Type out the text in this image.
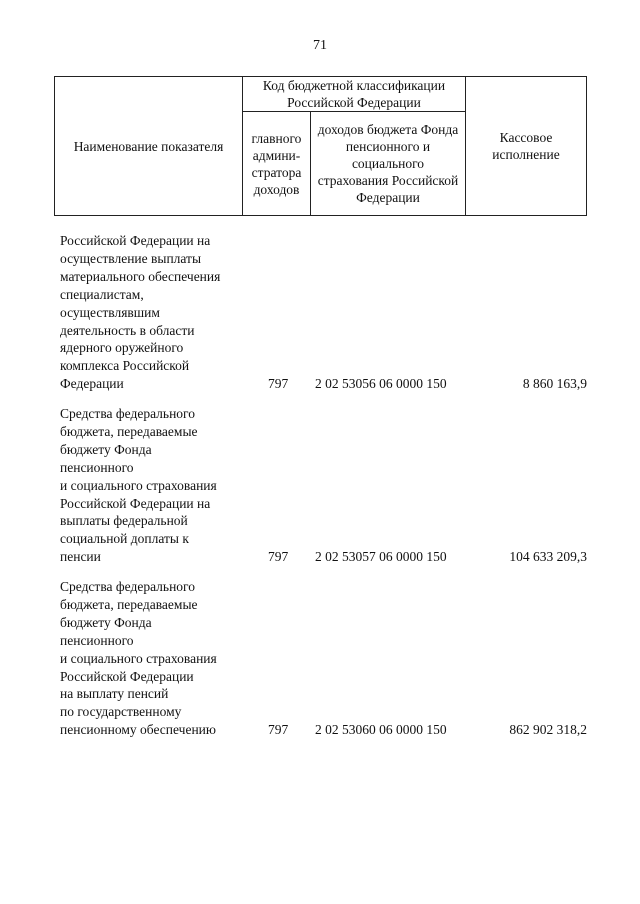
71
Наименование показателя
Код бюджетной классификации Российской Федерации
главного админи-стратора доходов
доходов бюджета Фонда пенсионного и социального страхования Российской Федерации
Кассовое исполнение
Российской Федерации на
осуществление выплаты
материального обеспечения
специалистам,
осуществлявшим
деятельность в области
ядерного оружейного
комплекса Российской
Федерации	797 2 02 53056 06 0000 150	8 860 163,9
Средства федерального
бюджета, передаваемые
бюджету Фонда
пенсионного
и социального страхования
Российской Федерации на
выплаты федеральной
социальной доплаты к
пенсии	797 2 02 53057 06 0000 150	104 633 209,3
Средства федерального
бюджета, передаваемые
бюджету Фонда
пенсионного
и социального страхования
Российской Федерации
на выплату пенсий
по государственному
пенсионному обеспечению	797 2 02 53060 06 0000 150	862 902 318,2
